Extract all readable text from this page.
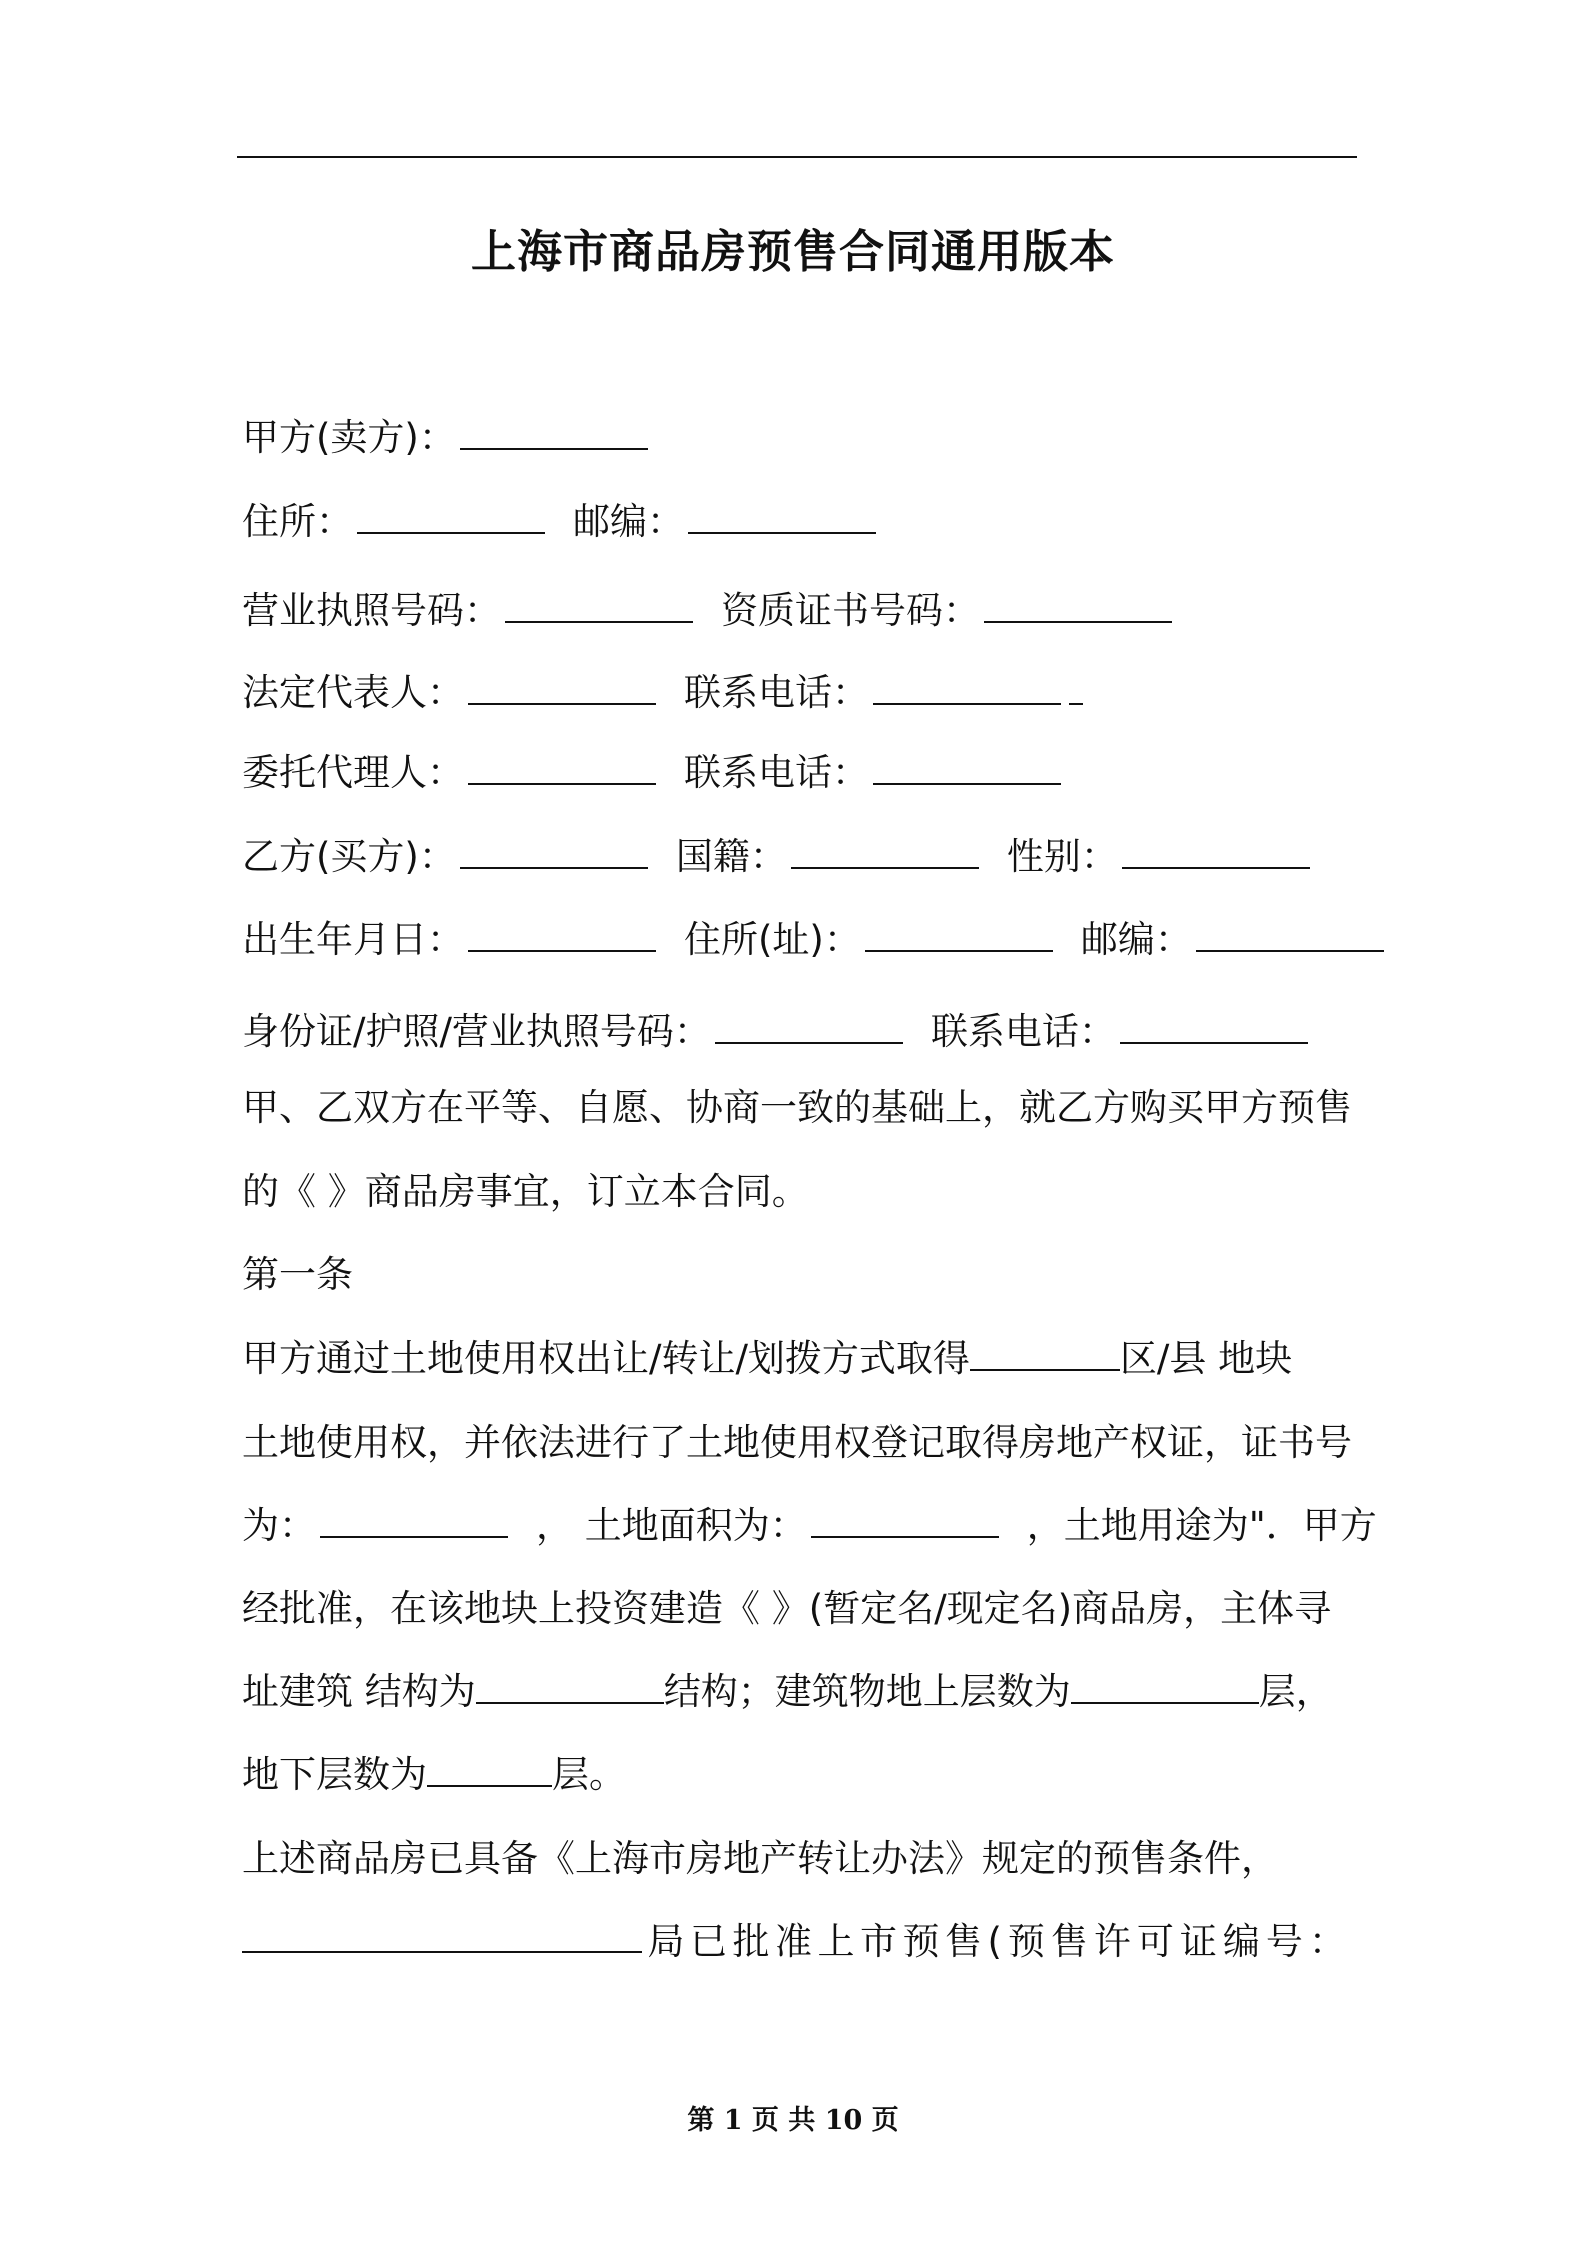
上海市商品房预售合同通用版本
甲方(卖方)：
住所：	邮编：
营业执照号码：	资质证书号码：
法定代表人：	联系电话：
委托代理人：	联系电话：
乙方(买方)：	国籍：	性别：
出生年月日：	住所(址)：	邮编：
身份证/护照/营业执照号码：	联系电话：
甲、乙双方在平等、自愿、协商一致的基础上，就乙方购买甲方预售
的《 》商品房事宜，订立本合同。
第一条
甲方通过土地使用权出让/转让/划拨方式取得	区/县 地块
土地使用权，并依法进行了土地使用权登记取得房地产权证，证书号
为：	， 土地面积为：	，土地用途为"．甲方
经批准，在该地块上投资建造《 》(暂定名/现定名)商品房，主体寻
址建筑 结构为	结构；建筑物地上层数为	层，
地下层数为	层。
上述商品房已具备《上海市房地产转让办法》规定的预售条件，
局 已 批 准 上 市 预 售 (预售许可证编号：
第 1 页 共 10 页
